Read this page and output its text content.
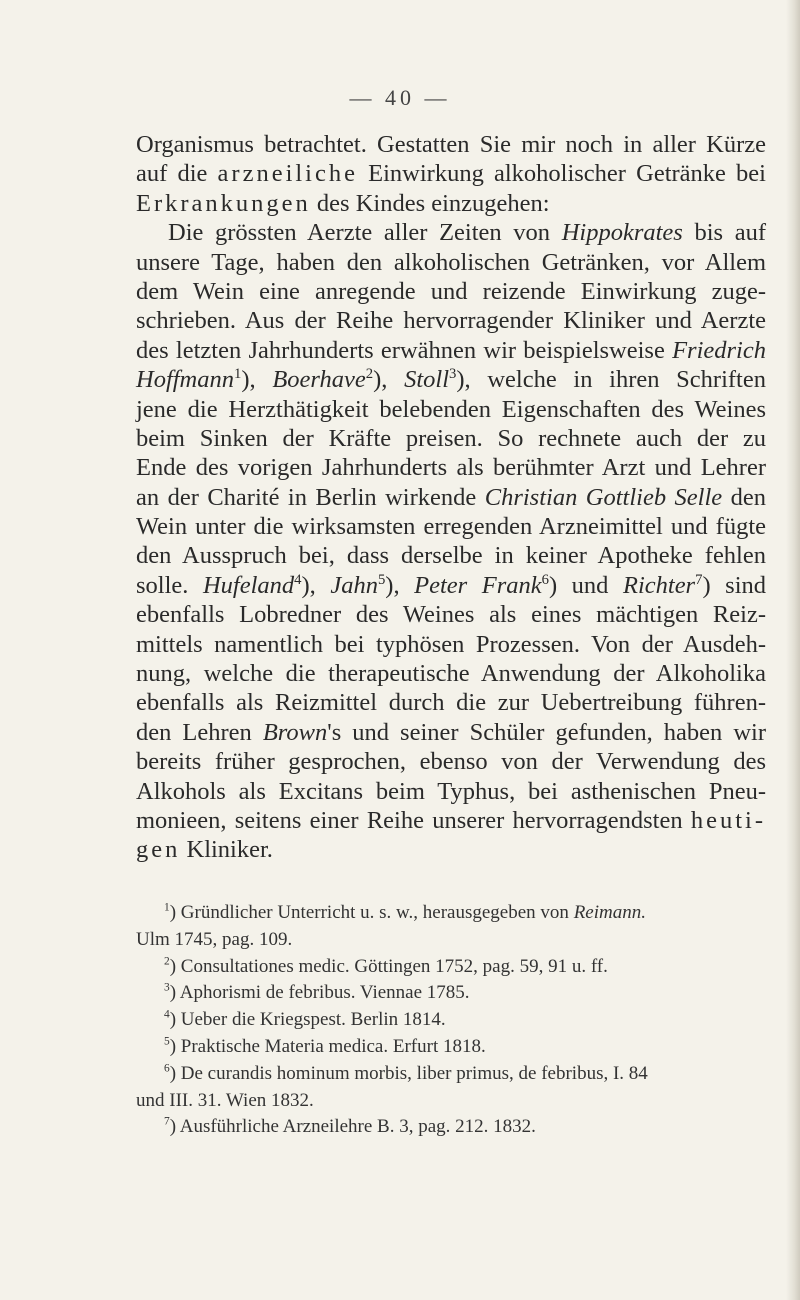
— 40 —
Organismus betrachtet. Gestatten Sie mir noch in aller Kürze
auf die arzneiliche Einwirkung alkoholischer Getränke bei
Erkrankungen des Kindes einzugehen:
Die grössten Aerzte aller Zeiten von Hippokrates bis auf
unsere Tage, haben den alkoholischen Getränken, vor Allem
dem Wein eine anregende und reizende Einwirkung zuge-
schrieben. Aus der Reihe hervorragender Kliniker und Aerzte
des letzten Jahrhunderts erwähnen wir beispielsweise Friedrich
Hoffmann$^1$), Boerhave$^2$), Stoll$^3$), welche in ihren Schriften
jene die Herzthätigkeit belebenden Eigenschaften des Weines
beim Sinken der Kräfte preisen. So rechnete auch der zu
Ende des vorigen Jahrhunderts als berühmter Arzt und Lehrer
an der Charité in Berlin wirkende Christian Gottlieb Selle den
Wein unter die wirksamsten erregenden Arzneimittel und fügte
den Ausspruch bei, dass derselbe in keiner Apotheke fehlen
solle. Hufeland$^4$), Jahn$^5$), Peter Frank$^6$) und Richter$^7$) sind
ebenfalls Lobredner des Weines als eines mächtigen Reiz-
mittels namentlich bei typhösen Prozessen. Von der Ausdeh-
nung, welche die therapeutische Anwendung der Alkoholika
ebenfalls als Reizmittel durch die zur Uebertreibung führen-
den Lehren Brown's und seiner Schüler gefunden, haben wir
bereits früher gesprochen, ebenso von der Verwendung des
Alkohols als Excitans beim Typhus, bei asthenischen Pneu-
monieen, seitens einer Reihe unserer hervorragendsten heuti-
gen Kliniker.
$^1$) Gründlicher Unterricht u. s. w., herausgegeben von Reimann.
Ulm 1745, pag. 109.
$^2$) Consultationes medic. Göttingen 1752, pag. 59, 91 u. ff.
$^3$) Aphorismi de febribus. Viennae 1785.
$^4$) Ueber die Kriegspest. Berlin 1814.
$^5$) Praktische Materia medica. Erfurt 1818.
$^6$) De curandis hominum morbis, liber primus, de febribus, I. 84
und III. 31. Wien 1832.
$^7$) Ausführliche Arzneilehre B. 3, pag. 212. 1832.
